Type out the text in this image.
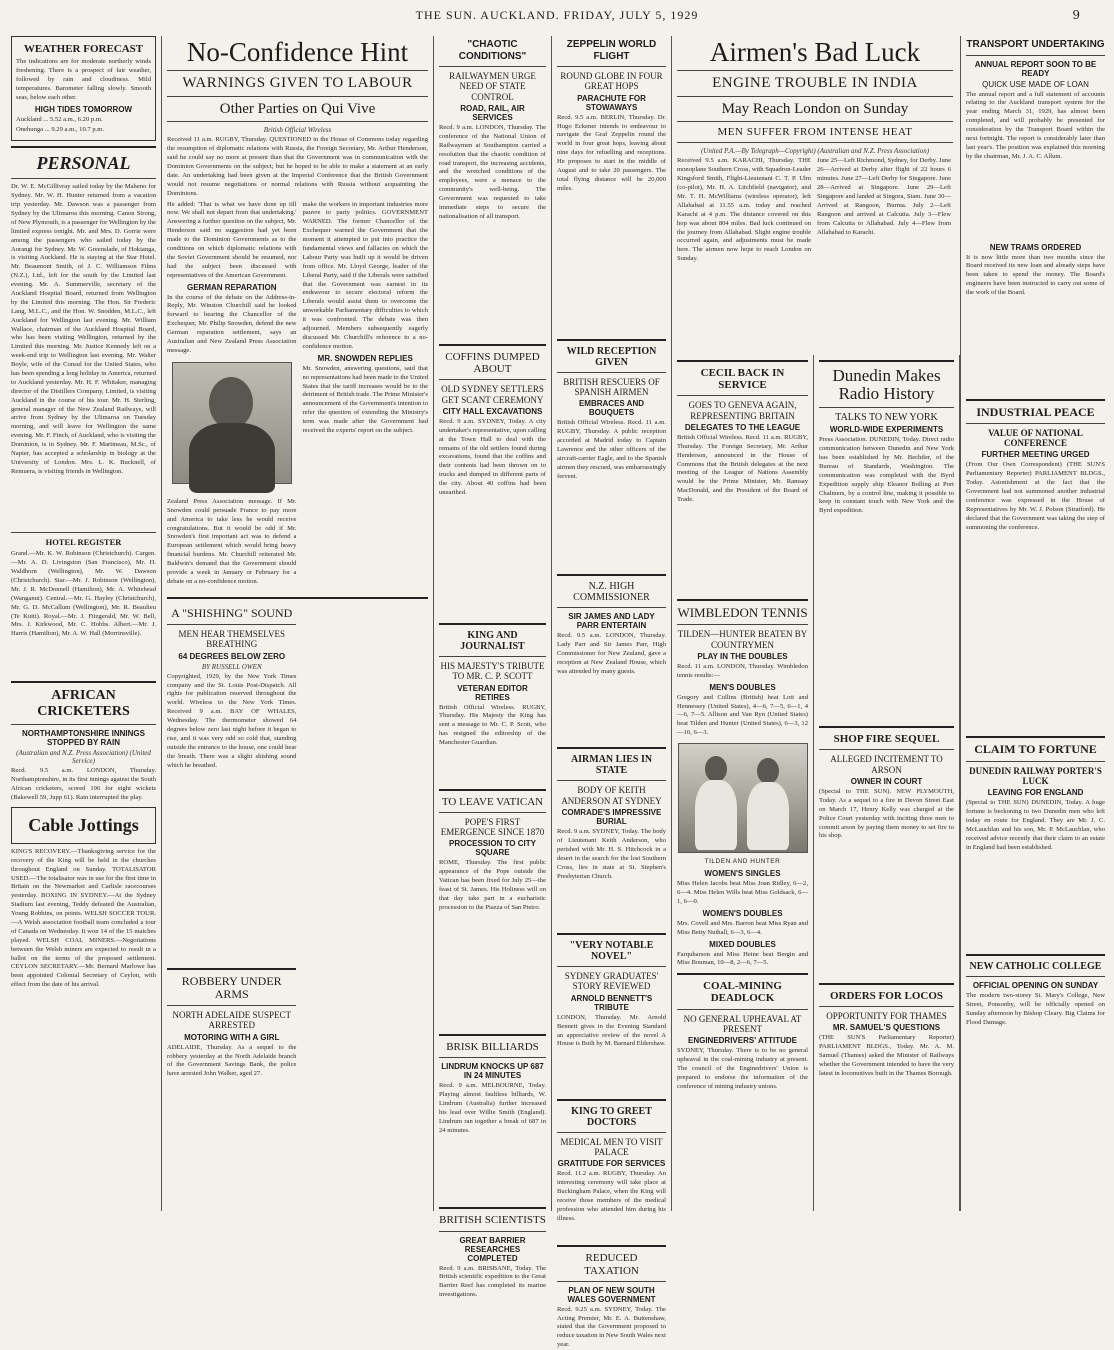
THE SUN. AUCKLAND. FRIDAY, JULY 5, 1929	9
WEATHER FORECAST
The indications are for moderate northerly winds freshening. There is a prospect of fair weather, followed by rain and cloudiness. Mild temperatures. Barometer falling slowly. Smooth seas, below each other.
HIGH TIDES TOMORROW
Auckland ... 5.52 a.m., 6.20 p.m.
Onehunga ... 9.29 a.m., 10.7 p.m.
PERSONAL
Dr. W. E. McGillivray sailed today by the Maheno for Sydney. Mr. W. H. Hunter returned from a vacation trip yesterday. Mr. Dawson was a passenger from Sydney by the Ulimaroa this morning. Canon Strong, of New Plymouth, is a passenger for Wellington by the limited express tonight. Mr. and Mrs. D. Gorrie were among the passengers who sailed today by the Aorangi for Sydney. Mr. W. Greenslade, of Hokianga, is visiting Auckland. He is staying at the Star Hotel. Mr. Beaumont Smith, of J. C. Williamson Films (N.Z.), Ltd., left for the south by the Limited last evening. Mr. A. Summerville, secretary of the Auckland Hospital Board, returned from Wellington by the Limited this morning. The Hon. Sir Frederic Lang, M.L.C., and the Hon. W. Snodden, M.L.C., left Auckland for Wellington last evening. Mr. William Wallace, chairman of the Auckland Hospital Board, who has been visiting Wellington, returned by the Limited this morning. Mr. Justice Kennedy left on a week-end trip to Wellington last evening. Mr. Walter Boyle, wife of the Consul for the United States, who has been spending a long holiday in America, returned to Auckland yesterday. Mr. H. F. Whitaker, managing director of the Distillers Company, Limited, is visiting Auckland in the course of his tour. Mr. H. Sterling, general manager of the New Zealand Railways, will arrive from Sydney by the Ulimaroa on Tuesday morning, and will leave for Wellington the same evening. Mr. F. Finch, of Auckland, who is visiting the Dominion, is in Sydney. Mr. F. Martineau, M.Sc., of Napier, has accepted a scholarship in biology at the University of London. Mrs. L. K. Bucknell, of Remuera, is visiting friends in Wellington.
HOTEL REGISTER
Grand.—Mr. K. W. Robinson (Christchurch). Cargen.—Mr. A. D. Livingston (San Francisco), Mr. H. Waldhorn (Wellington), Mr. W. Dawson (Christchurch). Star.—Mr. J. Robinson (Wellington), Mr. J. R. McDonnell (Hamilton), Mr. A. Whitehead (Wanganui). Central.—Mr. G. Hayley (Christchurch), Mr. G. D. McCallum (Wellington), Mr. R. Beaulieu (Te Kuiti). Royal.—Mr. J. Fitzgerald, Mr. W. Bell, Mrs. J. Kirkwood, Mr. C. Hobbs. Albert.—Mr. J. Harris (Hamilton), Mr. A. W. Hall (Morrinsville).
AFRICAN CRICKETERS
NORTHAMPTONSHIRE INNINGS STOPPED BY RAIN
(Australian and N.Z. Press Association) (United Service)
Recd. 9.5 a.m. LONDON, Thursday. Northamptonshire, in its first innings against the South African cricketers, scored 196 for eight wickets (Bakewell 59, Jupp 61). Rain interrupted the play.
Cable Jottings
KING'S RECOVERY.—Thanksgiving service for the recovery of the King will be held in the churches throughout England on Sunday. TOTALISATOR USED.—The totalisator was in use for the first time in Britain on the Newmarket and Carlisle racecourses yesterday. BOXING IN SYDNEY.—At the Sydney Stadium last evening, Teddy defeated the Australian, Young Robbins, on points. WELSH SOCCER TOUR.—A Welsh association football team concluded a tour of Canada on Wednesday. It won 14 of the 15 matches played. WELSH COAL MINERS.—Negotiations between the Welsh miners are expected to result in a ballot on the terms of the proposed settlement. CEYLON SECRETARY.—Mr. Bernard Marlowe has been appointed Colonial Secretary of Ceylon, with effect from the date of his arrival.
No-Confidence Hint
WARNINGS GIVEN TO LABOUR
Other Parties on Qui Vive
British Official Wireless
Received 11 a.m. RUGBY, Thursday. QUESTIONED in the House of Commons today regarding the resumption of diplomatic relations with Russia, the Foreign Secretary, Mr. Arthur Henderson, said he could say no more at present than that the Government was in communication with the Dominion Governments on the subject; but he hoped to be able to make a statement at an early date. An undertaking had been given at the Imperial Conference that the British Government would not resume negotiations or normal relations with Russia without acquainting the Dominions.
He added: 'That is what we have done up till now. We shall not depart from that undertaking.' Answering a further question on the subject, Mr. Henderson said no suggestion had yet been made to the Dominion Governments as to the conditions on which diplomatic relations with the Soviet Government should be resumed, nor had the subject been discussed with representatives of the American Government.
GERMAN REPARATION
In the course of the debate on the Address-in-Reply, Mr. Winston Churchill said he looked forward to hearing the Chancellor of the Exchequer, Mr. Philip Snowden, defend the new German reparation settlement, says an Australian and New Zealand Press Association message.
Zealand Press Association message. If Mr. Snowden could persuade France to pay more and America to take less he would receive congratulations. But it would be odd if Mr. Snowden's first important act was to defend a European settlement which would bring heavy financial burdens. Mr. Churchill reiterated Mr. Baldwin's demand that the Government should provide a week in January or February for a debate on a no-confidence motion.
make the workers in important industries more pauvre to party politics. GOVERNMENT WARNED. The former Chancellor of the Exchequer warned the Government that the moment it attempted to put into practice the fundamental views and fallacies on which the Labour Party was built up it would be driven from office. Mr. Lloyd George, leader of the Liberal Party, said if the Liberals were satisfied that the Government was earnest in its endeavour to secure electoral reform the Liberals would assist them to overcome the unworkable Parliamentary difficulties to which it was confronted. The debate was then adjourned. Members subsequently eagerly discussed Mr. Churchill's reference to a no-confidence motion.
MR. SNOWDEN REPLIES
Mr. Snowden, answering questions, said that no representations had been made to the United States that the tariff increases would be to the detriment of British trade. The Prime Minister's announcement of the Government's intention to refer the question of extending the Ministry's term was made after the Government had received the experts' report on the subject.
A "SHISHING" SOUND
MEN HEAR THEMSELVES BREATHING
64 DEGREES BELOW ZERO
BY RUSSELL OWEN
Copyrighted, 1929, by the New York Times company and the St. Louis Post-Dispatch. All rights for publication reserved throughout the world. Wireless to the New York Times. Received 9 a.m. BAY OF WHALES, Wednesday. The thermometer showed 64 degrees below zero last night before it began to rise, and it was very odd so cold that, standing outside the entrance to the house, one could hear the breath. There was a slight shishing sound which he breathed.
ROBBERY UNDER ARMS
NORTH ADELAIDE SUSPECT ARRESTED
MOTORING WITH A GIRL
ADELAIDE, Thursday. As a sequel to the robbery yesterday at the North Adelaide branch of the Government Savings Bank, the police have arrested John Walker, aged 27.
"CHAOTIC CONDITIONS"
RAILWAYMEN URGE NEED OF STATE CONTROL
ROAD, RAIL, AIR SERVICES
Recd. 9 a.m. LONDON, Thursday. The conference of the National Union of Railwaymen at Southampton carried a resolution that the chaotic condition of road transport, the increasing accidents, and the wretched conditions of the employees, were a menace to the community's well-being. The Government was requested to take immediate steps to secure the nationalisation of all transport.
COFFINS DUMPED ABOUT
OLD SYDNEY SETTLERS GET SCANT CEREMONY
CITY HALL EXCAVATIONS
Recd. 9 a.m. SYDNEY, Today. A city undertaker's representative, upon calling at the Town Hall to deal with the remains of the old settlers found during excavations, found that the coffins and their contents had been thrown on to trucks and dumped in different parts of the city. About 40 coffins had been unearthed.
KING AND JOURNALIST
HIS MAJESTY'S TRIBUTE TO MR. C. P. SCOTT
VETERAN EDITOR RETIRES
British Official Wireless. RUGBY, Thursday. His Majesty the King has sent a message to Mr. C. P. Scott, who has resigned the editorship of the Manchester Guardian.
TO LEAVE VATICAN
POPE'S FIRST EMERGENCE SINCE 1870
PROCESSION TO CITY SQUARE
ROME, Thursday. The first public appearance of the Pope outside the Vatican has been fixed for July 25—the feast of St. James. His Holiness will on that day take part in a eucharistic procession to the Piazza of San Pietro.
BRISK BILLIARDS
LINDRUM KNOCKS UP 687 IN 24 MINUTES
Recd. 9 a.m. MELBOURNE, Today. Playing almost faultless billiards, W. Lindrum (Australia) further increased his lead over Willie Smith (England). Lindrum ran together a break of 687 in 24 minutes.
BRITISH SCIENTISTS
GREAT BARRIER RESEARCHES COMPLETED
Recd. 9 a.m. BRISBANE, Today. The British scientific expedition to the Great Barrier Reef has completed its marine investigations.
ZEPPELIN WORLD FLIGHT
ROUND GLOBE IN FOUR GREAT HOPS
PARACHUTE FOR STOWAWAYS
Recd. 9.5 a.m. BERLIN, Thursday. Dr. Hugo Eckener intends to endeavour to navigate the Graf Zeppelin round the world in four great hops, leaving about nine days for refuelling and receptions. He proposes to start in the middle of August and to take 20 passengers. The total flying distance will be 20,000 miles.
WILD RECEPTION GIVEN
BRITISH RESCUERS OF SPANISH AIRMEN
EMBRACES AND BOUQUETS
British Official Wireless. Recd. 11 a.m. RUGBY, Thursday. A public reception accorded at Madrid today to Captain Lawrence and the other officers of the aircraft-carrier Eagle, and to the Spanish airmen they rescued, was embarrassingly fervent.
N.Z. HIGH COMMISSIONER
SIR JAMES AND LADY PARR ENTERTAIN
Recd. 9.5 a.m. LONDON, Thursday. Lady Parr and Sir James Parr, High Commissioner for New Zealand, gave a reception at New Zealand House, which was attended by many guests.
AIRMAN LIES IN STATE
BODY OF KEITH ANDERSON AT SYDNEY
COMRADE'S IMPRESSIVE BURIAL
Recd. 9 a.m. SYDNEY, Today. The body of Lieutenant Keith Anderson, who perished with Mr. H. S. Hitchcock in a desert in the search for the lost Southern Cross, lies in state at St. Stephen's Presbyterian Church.
"VERY NOTABLE NOVEL"
SYDNEY GRADUATES' STORY REVIEWED
ARNOLD BENNETT'S TRIBUTE
LONDON, Thursday. Mr. Arnold Bennett gives in the Evening Standard an appreciative review of the novel A House is Built by M. Barnard Eldershaw.
KING TO GREET DOCTORS
MEDICAL MEN TO VISIT PALACE
GRATITUDE FOR SERVICES
Recd. 11.2 a.m. RUGBY, Thursday. An interesting ceremony will take place at Buckingham Palace, when the King will receive those members of the medical profession who attended him during his illness.
REDUCED TAXATION
PLAN OF NEW SOUTH WALES GOVERNMENT
Recd. 9.25 a.m. SYDNEY, Today. The Acting Premier, Mr. E. A. Buttenshaw, stated that the Government proposed to reduce taxation in New South Wales next year.
Airmen's Bad Luck
ENGINE TROUBLE IN INDIA
May Reach London on Sunday
MEN SUFFER FROM INTENSE HEAT
(United P.A.—By Telegraph—Copyright) (Australian and N.Z. Press Association)
Received 9.5 a.m. KARACHI, Thursday. THE monoplane Southern Cross, with Squadron-Leader Kingsford Smith, Flight-Lieutenant C. T. P. Ulm (co-pilot), Mr. H. A. Litchfield (navigator), and Mr. T. H. McWilliams (wireless operator), left Allahabad at 11.55 a.m. today and reached Karachi at 4 p.m. The distance covered on this hop was about 804 miles. Bad luck continued on the journey from Allahabad. Slight engine trouble occurred again, and adjustments must be made here. The airmen now hope to reach London on Sunday.
June 25—Left Richmond, Sydney, for Derby. June 26—Arrived at Derby after flight of 22 hours 6 minutes. June 27—Left Derby for Singapore. June 28—Arrived at Singapore. June 29—Left Singapore and landed at Singora, Siam. June 30—Arrived at Rangoon, Burma. July 2—Left Rangoon and arrived at Calcutta. July 3—Flew from Calcutta to Allahabad. July 4—Flew from Allahabad to Karachi.
CECIL BACK IN SERVICE
GOES TO GENEVA AGAIN, REPRESENTING BRITAIN
DELEGATES TO THE LEAGUE
British Official Wireless. Recd. 11 a.m. RUGBY, Thursday. The Foreign Secretary, Mr. Arthur Henderson, announced in the House of Commons that the British delegates at the next meeting of the League of Nations Assembly would be the Prime Minister, Mr. Ramsay MacDonald, and the President of the Board of Trade.
WIMBLEDON TENNIS
TILDEN—HUNTER BEATEN BY COUNTRYMEN
PLAY IN THE DOUBLES
Recd. 11 a.m. LONDON, Thursday. Wimbledon tennis results:—
MEN'S DOUBLES
Gregory and Collins (British) beat Lott and Hennessey (United States), 4—6, 7—5, 6—1, 4—6, 7—5. Allison and Van Ryn (United States) beat Tilden and Hunter (United States), 6—3, 12—10, 6—3.
TILDEN AND HUNTER
WOMEN'S SINGLES
Miss Helen Jacobs beat Miss Joan Ridley, 6—2, 6—4. Miss Helen Wills beat Miss Goldsack, 6—1, 6—0.
WOMEN'S DOUBLES
Mrs. Covell and Mrs. Barron beat Miss Ryan and Miss Betty Nuthall, 6—3, 6—4.
MIXED DOUBLES
Farquharson and Miss Heine beat Bergin and Miss Bouman, 10—8, 2—6, 7—5.
COAL-MINING DEADLOCK
NO GENERAL UPHEAVAL AT PRESENT
ENGINEDRIVERS' ATTITUDE
SYDNEY, Thursday. There is to be no general upheaval in the coal-mining industry at present. The council of the Enginedrivers' Union is prepared to endorse the information of the conference of mining industry unions.
Dunedin Makes Radio History
TALKS TO NEW YORK
WORLD-WIDE EXPERIMENTS
Press Association. DUNEDIN, Today. Direct radio communication between Dunedin and New York has been established by Mr. Bechtler, of the Bureau of Standards, Washington. The communication was completed with the Byrd Expedition supply ship Eleanor Bolling at Port Chalmers, by a control line, making it possible to keep in constant touch with New York and the Byrd expedition.
SHOP FIRE SEQUEL
ALLEGED INCITEMENT TO ARSON
OWNER IN COURT
(Special to THE SUN). NEW PLYMOUTH, Today. As a sequel to a fire in Devon Street East on March 17, Henry Kelly was charged at the Police Court yesterday with inciting three men to commit arson by paying them money to set fire to his shop.
ORDERS FOR LOCOS
OPPORTUNITY FOR THAMES
MR. SAMUEL'S QUESTIONS
(THE SUN'S Parliamentary Reporter) PARLIAMENT BLDGS., Today. Mr. A. M. Samuel (Thames) asked the Minister of Railways whether the Government intended to have the very latest in locomotives built in the Thames Borough.
TRANSPORT UNDERTAKING
ANNUAL REPORT SOON TO BE READY
QUICK USE MADE OF LOAN
The annual report and a full statement of accounts relating to the Auckland transport system for the year ending March 31, 1929, has almost been completed, and will probably be presented for consideration by the Transport Board within the next fortnight. The report is considerably later than last year's. The position was explained this morning by the chairman, Mr. J. A. C. Allum.
NEW TRAMS ORDERED
It is now little more than two months since the Board received its new loan and already steps have been taken to spend the money. The Board's engineers have been instructed to carry out some of the work of the Board.
INDUSTRIAL PEACE
VALUE OF NATIONAL CONFERENCE
FURTHER MEETING URGED
(From Our Own Correspondent) (THE SUN'S Parliamentary Reporter) PARLIAMENT BLDGS., Today. Astonishment at the fact that the Government had not summoned another industrial conference was expressed in the House of Representatives by Mr. W. J. Polson (Stratford). He declared that the Government was taking the step of summoning the conference.
CLAIM TO FORTUNE
DUNEDIN RAILWAY PORTER'S LUCK
LEAVING FOR ENGLAND
(Special to THE SUN) DUNEDIN, Today. A huge fortune is beckoning to two Dunedin men who left today en route for England. They are Mr. J. C. McLauchlan and his son, Mr. P. McLauchlan, who received advice recently that their claim to an estate in England had been established.
NEW CATHOLIC COLLEGE
OFFICIAL OPENING ON SUNDAY
The modern two-storey St. Mary's College, New Street, Ponsonby, will be officially opened on Sunday afternoon by Bishop Cleary. Big Claims for Flood Damage.
